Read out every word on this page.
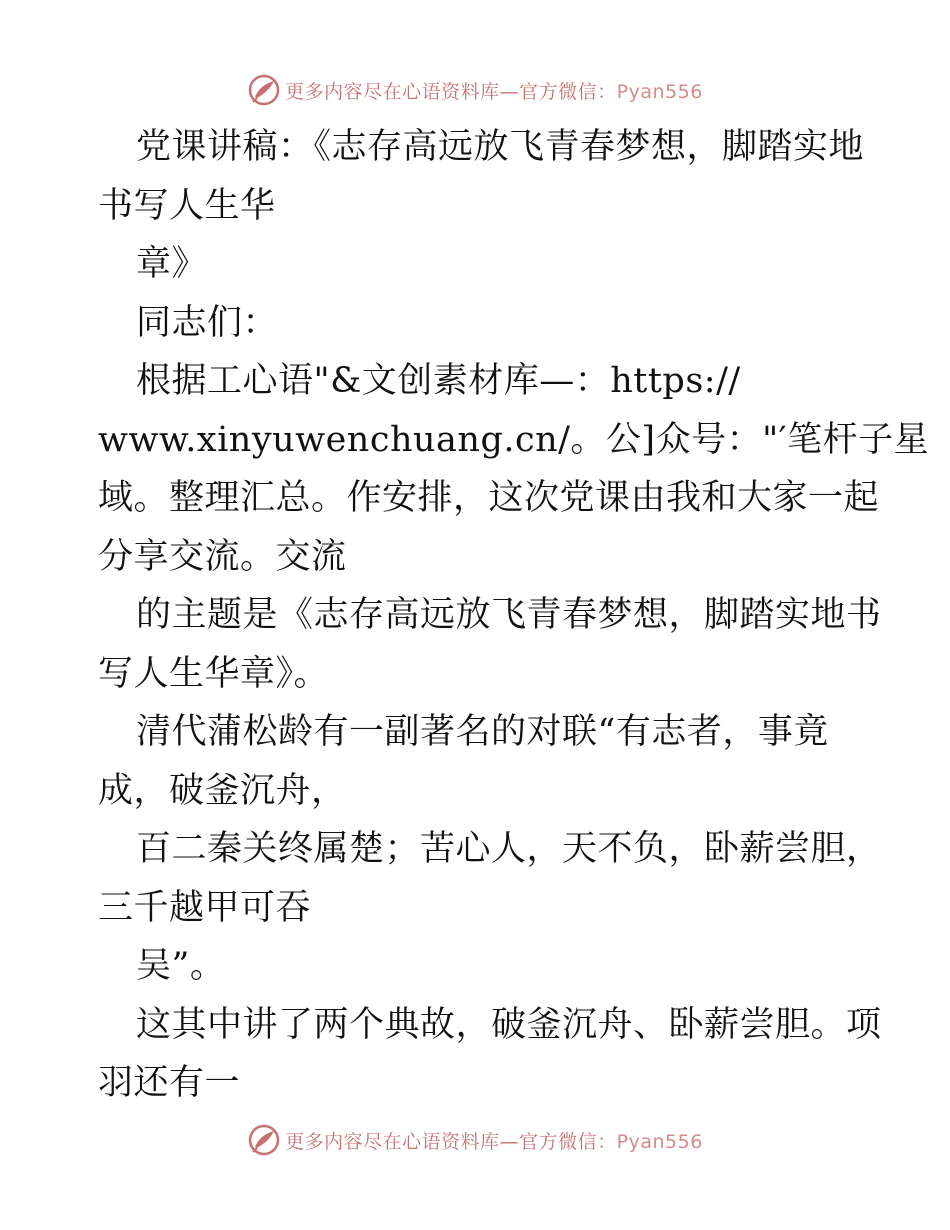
更多内容尽在心语资料库—官方微信：Pyan556
党课讲稿：《志存高远放飞青春梦想，脚踏实地
书写人生华
章》
同志们：
根据工心语"&文创素材库—：https://
www.xinyuwenchuang.cn/。公]众号："′笔杆子星
域。整理汇总。作安排，这次党课由我和大家一起
分享交流。交流
的主题是《志存高远放飞青春梦想，脚踏实地书
写人生华章》。
清代蒲松龄有一副著名的对联“有志者，事竟
成，破釜沉舟，
百二秦关终属楚；苦心人，天不负，卧薪尝胆，
三千越甲可吞
吴”。
这其中讲了两个典故，破釜沉舟、卧薪尝胆。项
羽还有一
更多内容尽在心语资料库—官方微信：Pyan556
